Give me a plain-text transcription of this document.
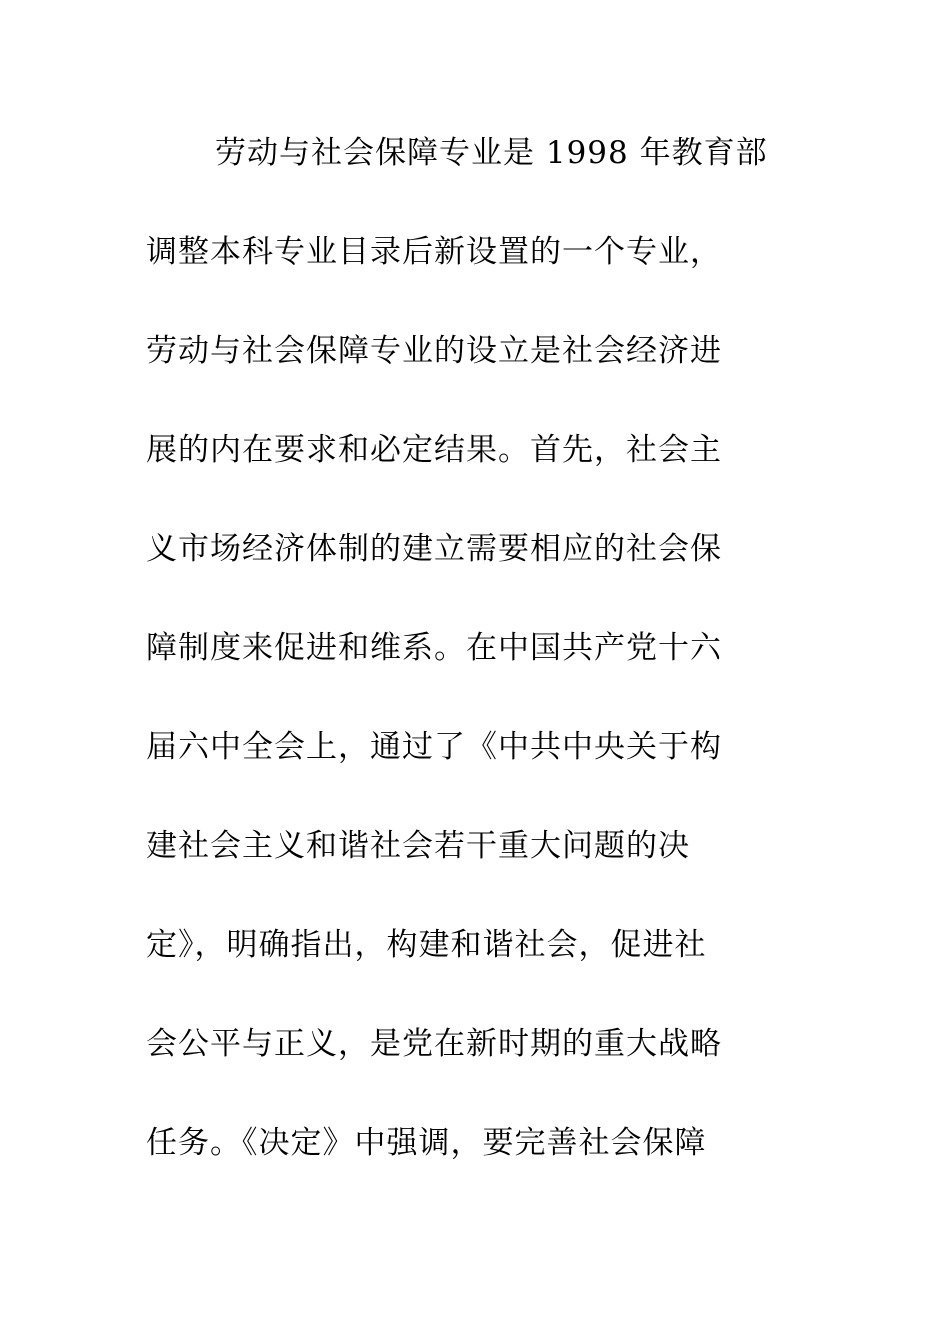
劳动与社会保障专业是 1998 年教育部
调整本科专业目录后新设置的一个专业，
劳动与社会保障专业的设立是社会经济进
展的内在要求和必定结果。首先，社会主
义市场经济体制的建立需要相应的社会保
障制度来促进和维系。在中国共产党十六
届六中全会上，通过了《中共中央关于构
建社会主义和谐社会若干重大问题的决
定》，明确指出，构建和谐社会，促进社
会公平与正义，是党在新时期的重大战略
任务。《决定》中强调，要完善社会保障
